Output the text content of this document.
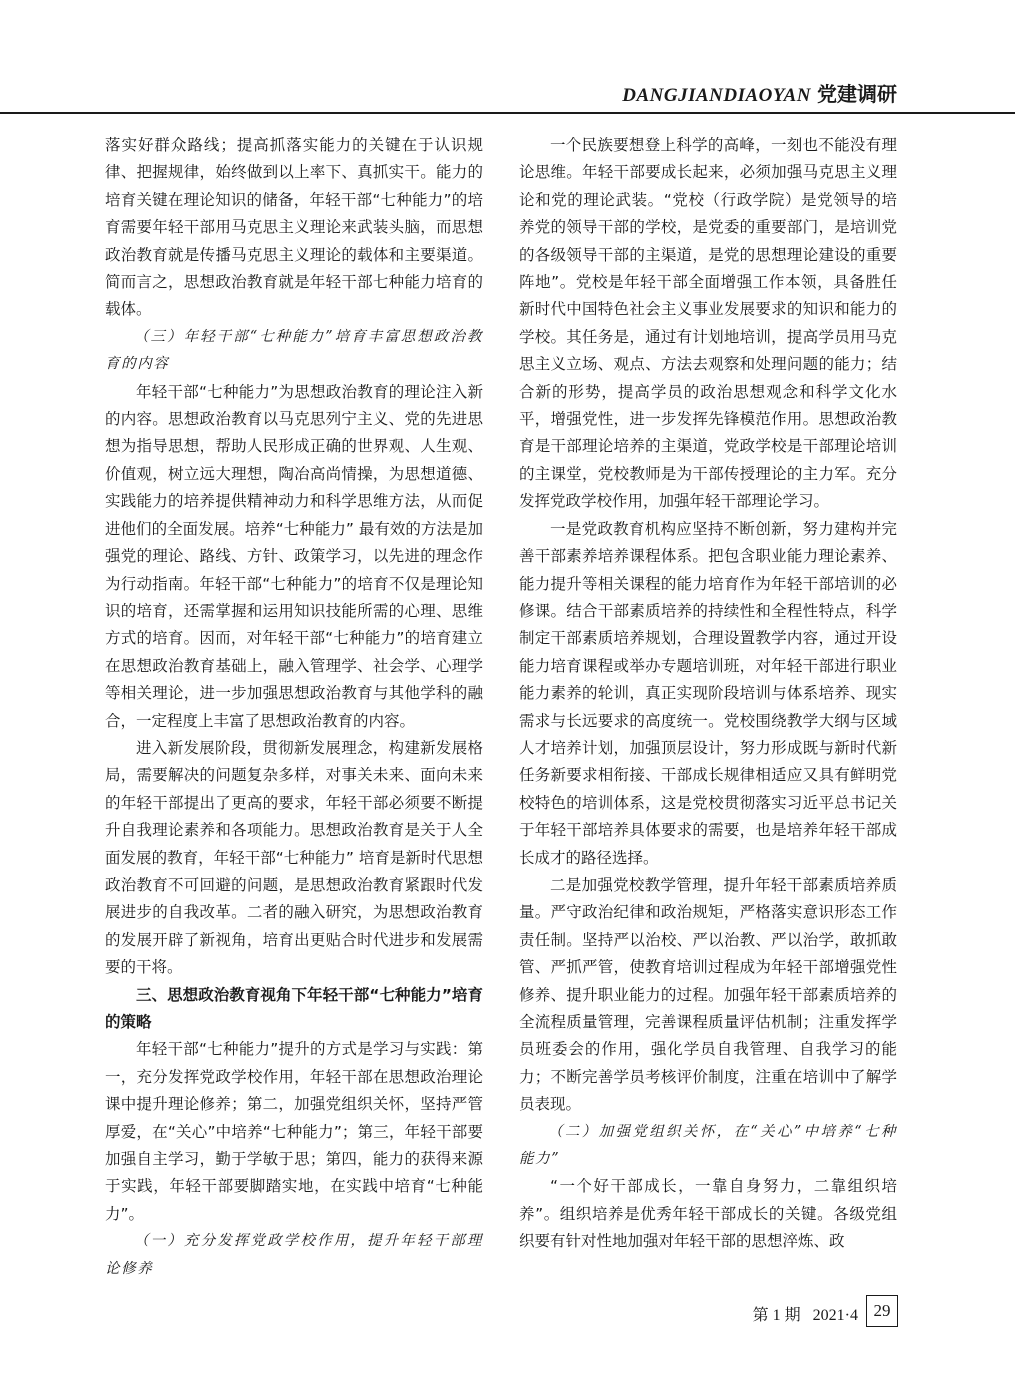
DANGJIANDIAOYAN 党建调研

落实好群众路线；提高抓落实能力的关键在于认识规律、把握规律，始终做到以上率下、真抓实干。能力的培育关键在理论知识的储备，年轻干部“七种能力”的培育需要年轻干部用马克思主义理论来武装头脑，而思想政治教育就是传播马克思主义理论的载体和主要渠道。简而言之，思想政治教育就是年轻干部七种能力培育的载体。

（三）年轻干部“七种能力”培育丰富思想政治教育的内容

年轻干部“七种能力”为思想政治教育的理论注入新的内容。思想政治教育以马克思列宁主义、党的先进思想为指导思想，帮助人民形成正确的世界观、人生观、价值观，树立远大理想，陶冶高尚情操，为思想道德、实践能力的培养提供精神动力和科学思维方法，从而促进他们的全面发展。培养“七种能力” 最有效的方法是加强党的理论、路线、方针、政策学习，以先进的理念作为行动指南。年轻干部“七种能力”的培育不仅是理论知识的培育，还需掌握和运用知识技能所需的心理、思维方式的培育。因而，对年轻干部“七种能力”的培育建立在思想政治教育基础上，融入管理学、社会学、心理学等相关理论，进一步加强思想政治教育与其他学科的融合，一定程度上丰富了思想政治教育的内容。

进入新发展阶段，贯彻新发展理念，构建新发展格局，需要解决的问题复杂多样，对事关未来、面向未来的年轻干部提出了更高的要求，年轻干部必须要不断提升自我理论素养和各项能力。思想政治教育是关于人全面发展的教育，年轻干部“七种能力” 培育是新时代思想政治教育不可回避的问题，是思想政治教育紧跟时代发展进步的自我改革。二者的融入研究，为思想政治教育的发展开辟了新视角，培育出更贴合时代进步和发展需要的干将。

三、思想政治教育视角下年轻干部“七种能力”培育的策略

年轻干部“七种能力”提升的方式是学习与实践：第一，充分发挥党政学校作用，年轻干部在思想政治理论课中提升理论修养；第二，加强党组织关怀，坚持严管厚爱，在“关心”中培养“七种能力”；第三，年轻干部要加强自主学习，勤于学敏于思；第四，能力的获得来源于实践，年轻干部要脚踏实地，在实践中培育“七种能力”。

（一）充分发挥党政学校作用，提升年轻干部理论修养

一个民族要想登上科学的高峰，一刻也不能没有理论思维。年轻干部要成长起来，必须加强马克思主义理论和党的理论武装。“党校（行政学院）是党领导的培养党的领导干部的学校，是党委的重要部门，是培训党的各级领导干部的主渠道，是党的思想理论建设的重要阵地”。党校是年轻干部全面增强工作本领，具备胜任新时代中国特色社会主义事业发展要求的知识和能力的学校。其任务是，通过有计划地培训，提高学员用马克思主义立场、观点、方法去观察和处理问题的能力；结合新的形势，提高学员的政治思想观念和科学文化水平，增强党性，进一步发挥先锋模范作用。思想政治教育是干部理论培养的主渠道，党政学校是干部理论培训的主课堂，党校教师是为干部传授理论的主力军。充分发挥党政学校作用，加强年轻干部理论学习。

一是党政教育机构应坚持不断创新，努力建构并完善干部素养培养课程体系。把包含职业能力理论素养、能力提升等相关课程的能力培育作为年轻干部培训的必修课。结合干部素质培养的持续性和全程性特点，科学制定干部素质培养规划，合理设置教学内容，通过开设能力培育课程或举办专题培训班，对年轻干部进行职业能力素养的轮训，真正实现阶段培训与体系培养、现实需求与长远要求的高度统一。党校围绕教学大纲与区域人才培养计划，加强顶层设计，努力形成既与新时代新任务新要求相衔接、干部成长规律相适应又具有鲜明党校特色的培训体系，这是党校贯彻落实习近平总书记关于年轻干部培养具体要求的需要，也是培养年轻干部成长成才的路径选择。

二是加强党校教学管理，提升年轻干部素质培养质量。严守政治纪律和政治规矩，严格落实意识形态工作责任制。坚持严以治校、严以治教、严以治学，敢抓敢管、严抓严管，使教育培训过程成为年轻干部增强党性修养、提升职业能力的过程。加强年轻干部素质培养的全流程质量管理，完善课程质量评估机制；注重发挥学员班委会的作用，强化学员自我管理、自我学习的能力；不断完善学员考核评价制度，注重在培训中了解学员表现。

（二）加强党组织关怀，在“关心”中培养“七种能力”

“一个好干部成长，一靠自身努力，二靠组织培养”。组织培养是优秀年轻干部成长的关键。各级党组织要有针对性地加强对年轻干部的思想淬炼、政

第 1 期 2021·4 29
